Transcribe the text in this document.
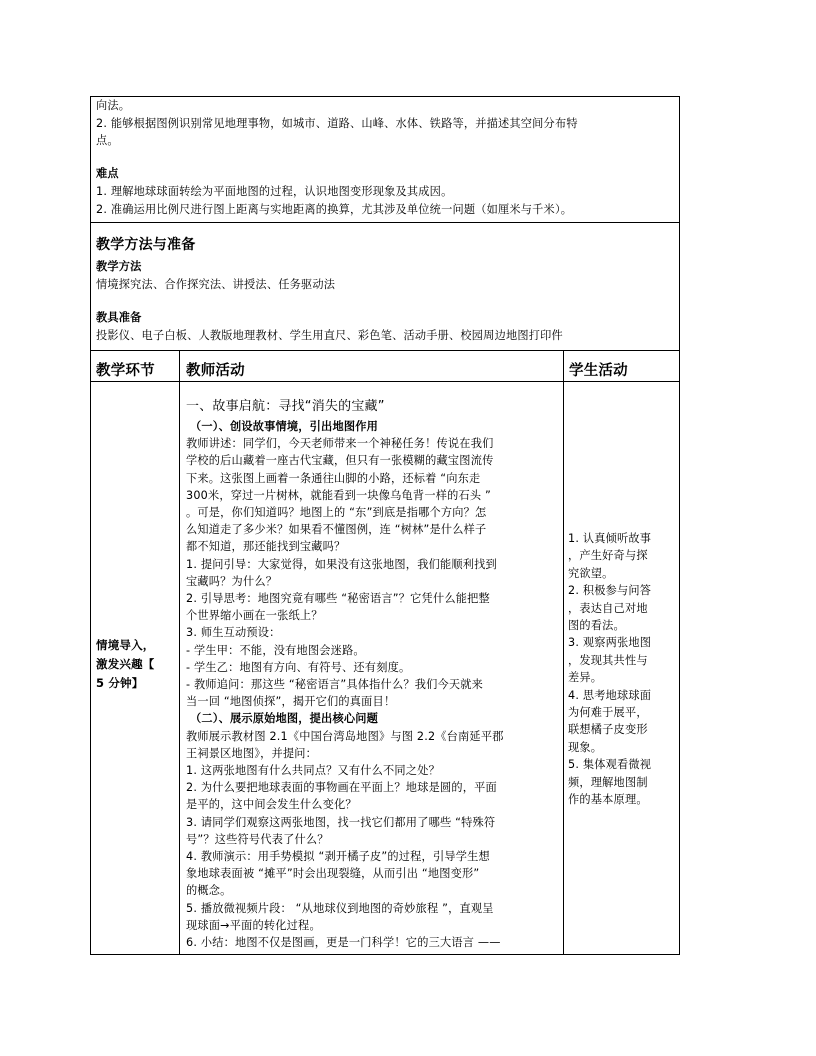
向法。

2. 能够根据图例识别常见地理事物，如城市、道路、山峰、水体、铁路等，并描述其空间分布特

点。

难点

1. 理解地球球面转绘为平面地图的过程，认识地图变形现象及其成因。

2. 准确运用比例尺进行图上距离与实地距离的换算，尤其涉及单位统一问题（如厘米与千米）。

教学方法与准备

教学方法

情境探究法、合作探究法、讲授法、任务驱动法

教具准备

投影仪、电子白板、人教版地理教材、学生用直尺、彩色笔、活动手册、校园周边地图打印件

教学环节 教师活动	学生活动

情境导入，

激发兴趣【

5 分钟】

一、故事启航：寻找“消失的宝藏”

（一）、创设故事情境，引出地图作用

教师讲述：同学们，今天老师带来一个神秘任务！传说在我们

学校的后山藏着一座古代宝藏，但只有一张模糊的藏宝图流传

下来。这张图上画着一条通往山脚的小路，还标着 “向东走

300米，穿过一片树林，就能看到一块像乌龟背一样的石头 ”

。可是，你们知道吗？地图上的 “东”到底是指哪个方向？怎

么知道走了多少米？如果看不懂图例，连 “树林”是什么样子

都不知道，那还能找到宝藏吗？

1. 提问引导：大家觉得，如果没有这张地图，我们能顺利找到

宝藏吗？为什么？

2. 引导思考：地图究竟有哪些 “秘密语言”？它凭什么能把整

个世界缩小画在一张纸上？

3. 师生互动预设：

- 学生甲：不能，没有地图会迷路。

- 学生乙：地图有方向、有符号、还有刻度。

- 教师追问：那这些 “秘密语言”具体指什么？我们今天就来

当一回 “地图侦探”，揭开它们的真面目！

（二）、展示原始地图，提出核心问题

教师展示教材图 2.1《中国台湾岛地图》与图 2.2《台南延平郡

王祠景区地图》，并提问：

1. 这两张地图有什么共同点？又有什么不同之处？

2. 为什么要把地球表面的事物画在平面上？地球是圆的，平面

是平的，这中间会发生什么变化？

3. 请同学们观察这两张地图，找一找它们都用了哪些 “特殊符

号”？这些符号代表了什么？

4. 教师演示：用手势模拟 “剥开橘子皮”的过程，引导学生想

象地球表面被 “摊平”时会出现裂缝，从而引出 “地图变形”

的概念。

5. 播放微视频片段： “从地球仪到地图的奇妙旅程 ”，直观呈

现球面→平面的转化过程。

6. 小结：地图不仅是图画，更是一门科学！它的三大语言 ——

1. 认真倾听故事

，产生好奇与探

究欲望。

2. 积极参与问答

，表达自己对地

图的看法。

3. 观察两张地图

，发现其共性与

差异。

4. 思考地球球面

为何难于展平，

联想橘子皮变形

现象。

5. 集体观看微视

频，理解地图制

作的基本原理。
